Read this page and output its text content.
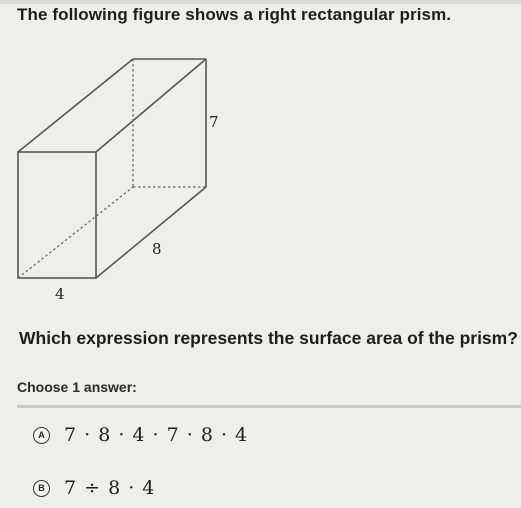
The following figure shows a right rectangular prism.
7
8
4
Which expression represents the surface area of the prism?
Choose 1 answer:
A 7 · 8 · 4 · 7 · 8 · 4
B 7 ÷ 8 · 4
